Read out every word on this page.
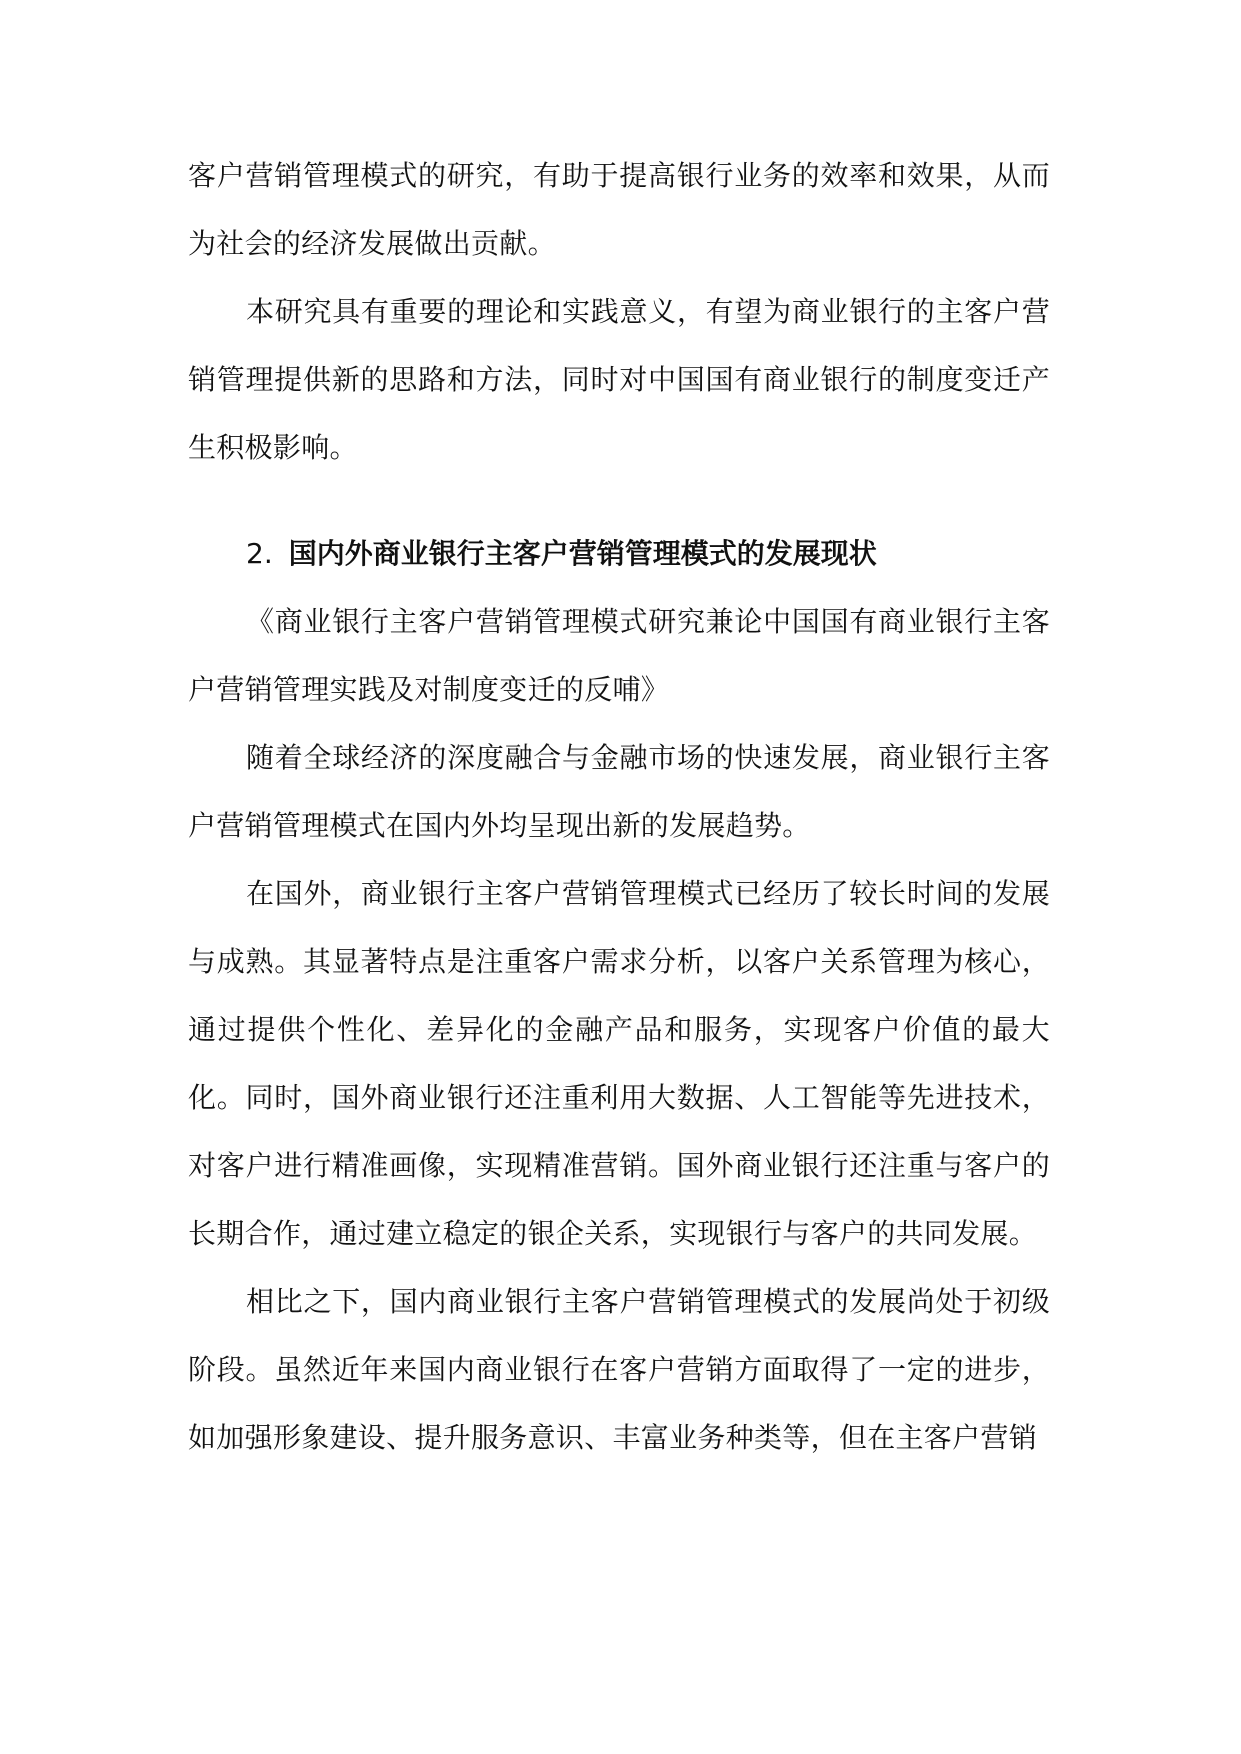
客户营销管理模式的研究，有助于提高银行业务的效率和效果，从而为社会的经济发展做出贡献。

本研究具有重要的理论和实践意义，有望为商业银行的主客户营销管理提供新的思路和方法，同时对中国国有商业银行的制度变迁产生积极影响。

2. 国内外商业银行主客户营销管理模式的发展现状

《商业银行主客户营销管理模式研究兼论中国国有商业银行主客户营销管理实践及对制度变迁的反哺》

随着全球经济的深度融合与金融市场的快速发展，商业银行主客户营销管理模式在国内外均呈现出新的发展趋势。

在国外，商业银行主客户营销管理模式已经历了较长时间的发展与成熟。其显著特点是注重客户需求分析，以客户关系管理为核心，通过提供个性化、差异化的金融产品和服务，实现客户价值的最大化。同时，国外商业银行还注重利用大数据、人工智能等先进技术，对客户进行精准画像，实现精准营销。国外商业银行还注重与客户的长期合作，通过建立稳定的银企关系，实现银行与客户的共同发展。

相比之下，国内商业银行主客户营销管理模式的发展尚处于初级阶段。虽然近年来国内商业银行在客户营销方面取得了一定的进步，如加强形象建设、提升服务意识、丰富业务种类等，但在主客户营销
